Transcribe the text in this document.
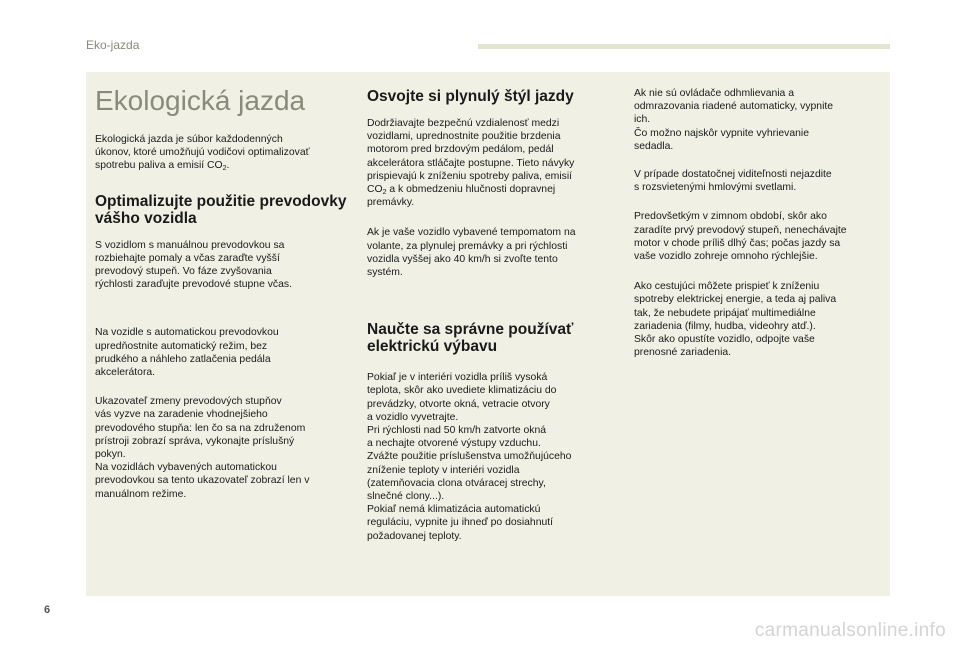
Eko-jazda
Ekologická jazda

Ekologická jazda je súbor každodenných
úkonov, ktoré umožňujú vodičovi optimalizovať
spotrebu paliva a emisií $CO_2$.

Optimalizujte použitie prevodovky vášho vozidla

S vozidlom s manuálnou prevodovkou sa
rozbiehajte pomaly a včas zaraďte vyšší
prevodový stupeň. Vo fáze zvyšovania
rýchlosti zaraďujte prevodové stupne včas.

Na vozidle s automatickou prevodovkou
upredňostnite automatický režim, bez
prudkého a náhleho zatlačenia pedála
akcelerátora.

Ukazovateľ zmeny prevodových stupňov
vás vyzve na zaradenie vhodnejšieho
prevodového stupňa: len čo sa na združenom
prístroji zobrazí správa, vykonajte príslušný
pokyn.
Na vozidlách vybavených automatickou
prevodovkou sa tento ukazovateľ zobrazí len v
manuálnom režime.

Osvojte si plynulý štýl jazdy

Dodržiavajte bezpečnú vzdialenosť medzi
vozidlami, uprednostnite použitie brzdenia
motorom pred brzdovým pedálom, pedál
akcelerátora stláčajte postupne. Tieto návyky
prispievajú k zníženiu spotreby paliva, emisií
$CO_2$ a k obmedzeniu hlučnosti dopravnej
premávky.

Ak je vaše vozidlo vybavené tempomatom na
volante, za plynulej premávky a pri rýchlosti
vozidla vyššej ako 40 km/h si zvoľte tento
systém.

Naučte sa správne používať elektrickú výbavu

Pokiaľ je v interiéri vozidla príliš vysoká
teplota, skôr ako uvediete klimatizáciu do
prevádzky, otvorte okná, vetracie otvory
a vozidlo vyvetrajte.
Pri rýchlosti nad 50 km/h zatvorte okná
a nechajte otvorené výstupy vzduchu.
Zvážte použitie príslušenstva umožňujúceho
zníženie teploty v interiéri vozidla
(zatemňovacia clona otváracej strechy,
slnečné clony...).
Pokiaľ nemá klimatizácia automatickú
reguláciu, vypnite ju ihneď po dosiahnutí
požadovanej teploty.

Ak nie sú ovládače odhmlievania a
odmrazovania riadené automaticky, vypnite
ich.
Čo možno najskôr vypnite vyhrievanie
sedadla.

V prípade dostatočnej viditeľnosti nejazdite
s rozsvietenými hmlovými svetlami.

Predovšetkým v zimnom období, skôr ako
zaradíte prvý prevodový stupeň, nenechávajte
motor v chode príliš dlhý čas; počas jazdy sa
vaše vozidlo zohreje omnoho rýchlejšie.

Ako cestujúci môžete prispieť k zníženiu
spotreby elektrickej energie, a teda aj paliva
tak, že nebudete pripájať multimediálne
zariadenia (filmy, hudba, videohry atď.).
Skôr ako opustíte vozidlo, odpojte vaše
prenosné zariadenia.

6
carmanualsonline.info
